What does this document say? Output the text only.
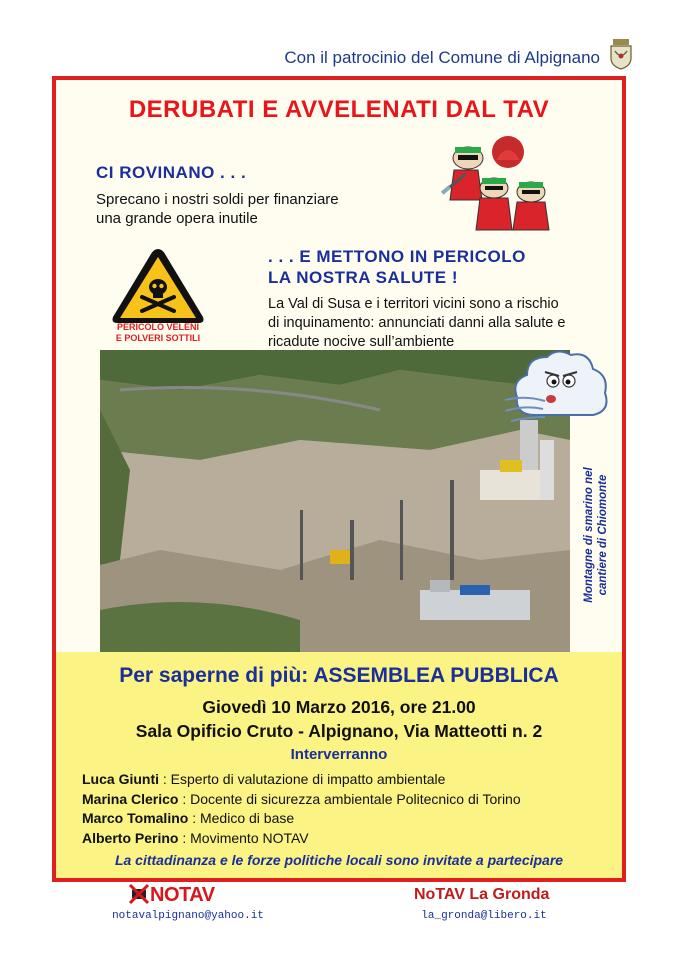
Con il patrocinio del Comune di Alpignano
DERUBATI E AVVELENATI DAL TAV
CI ROVINANO . . .
Sprecano i nostri soldi per finanziare
una grande opera inutile
. . . E METTONO IN PERICOLO
LA NOSTRA SALUTE !
La Val di Susa e i territori vicini sono a rischio
di inquinamento: annunciati danni alla salute e
ricadute nocive sull’ambiente
PERICOLO VELENI
E POLVERI SOTTILI
Montagne di smarino nel cantiere di Chiomonte
Per saperne di più: ASSEMBLEA PUBBLICA
Giovedì 10 Marzo 2016, ore 21.00
Sala Opificio Cruto - Alpignano, Via Matteotti n. 2
Interverranno
Luca Giunti : Esperto di valutazione di impatto ambientale
Marina Clerico : Docente di sicurezza ambientale Politecnico di Torino
Marco Tomalino : Medico di base
Alberto Perino : Movimento NOTAV
La cittadinanza e le forze politiche locali sono invitate a partecipare
NOTAV
notavalpignano@yahoo.it
NoTAV La Gronda
la_gronda@libero.it
